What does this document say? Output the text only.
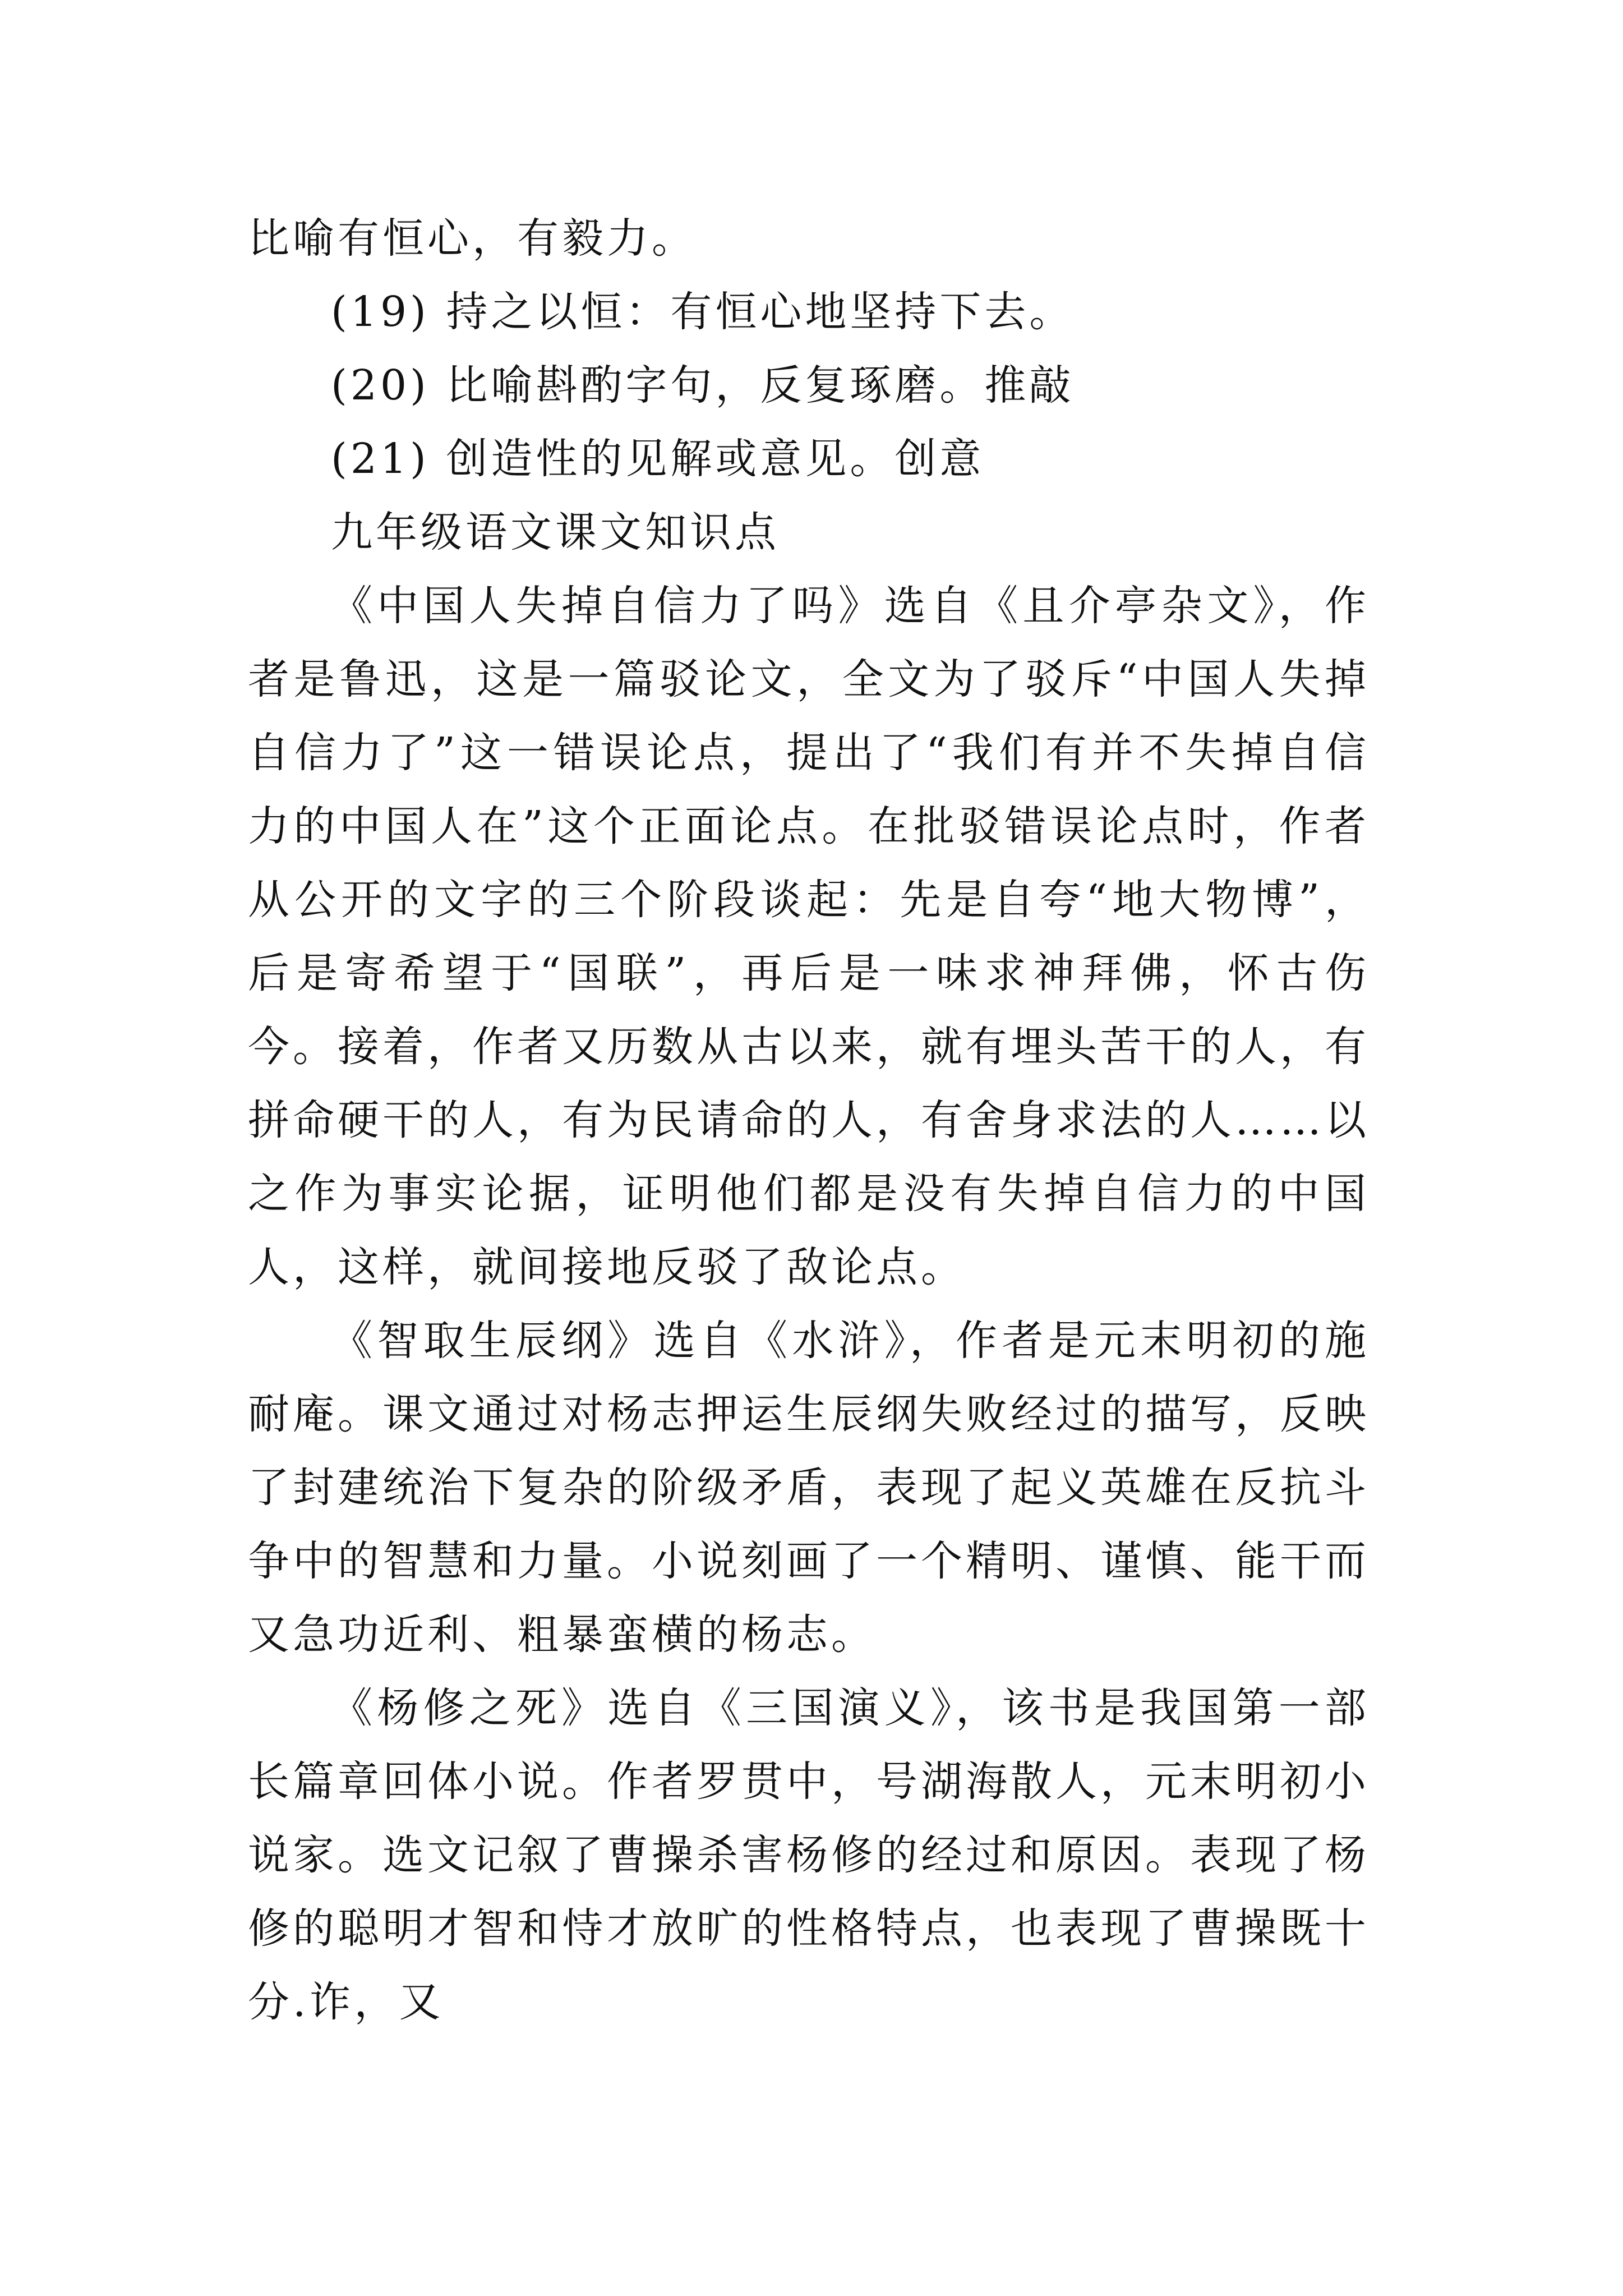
比喻有恒心，有毅力。

(19) 持之以恒：有恒心地坚持下去。

(20) 比喻斟酌字句，反复琢磨。推敲

(21) 创造性的见解或意见。创意

九年级语文课文知识点

《中国人失掉自信力了吗》选自《且介亭杂文》，作者是鲁迅，这是一篇驳论文，全文为了驳斥“中国人失掉自信力了”这一错误论点，提出了“我们有并不失掉自信力的中国人在”这个正面论点。在批驳错误论点时，作者从公开的文字的三个阶段谈起：先是自夸“地大物博”，后是寄希望于“国联”，再后是一味求神拜佛，怀古伤今。接着，作者又历数从古以来，就有埋头苦干的人，有拼命硬干的人，有为民请命的人，有舍身求法的人……以之作为事实论据，证明他们都是没有失掉自信力的中国人，这样，就间接地反驳了敌论点。

《智取生辰纲》选自《水浒》，作者是元末明初的施耐庵。课文通过对杨志押运生辰纲失败经过的描写，反映了封建统治下复杂的阶级矛盾，表现了起义英雄在反抗斗争中的智慧和力量。小说刻画了一个精明、谨慎、能干而又急功近利、粗暴蛮横的杨志。

《杨修之死》选自《三国演义》，该书是我国第一部长篇章回体小说。作者罗贯中，号湖海散人，元末明初小说家。选文记叙了曹操杀害杨修的经过和原因。表现了杨修的聪明才智和恃才放旷的性格特点，也表现了曹操既十分.诈，又
